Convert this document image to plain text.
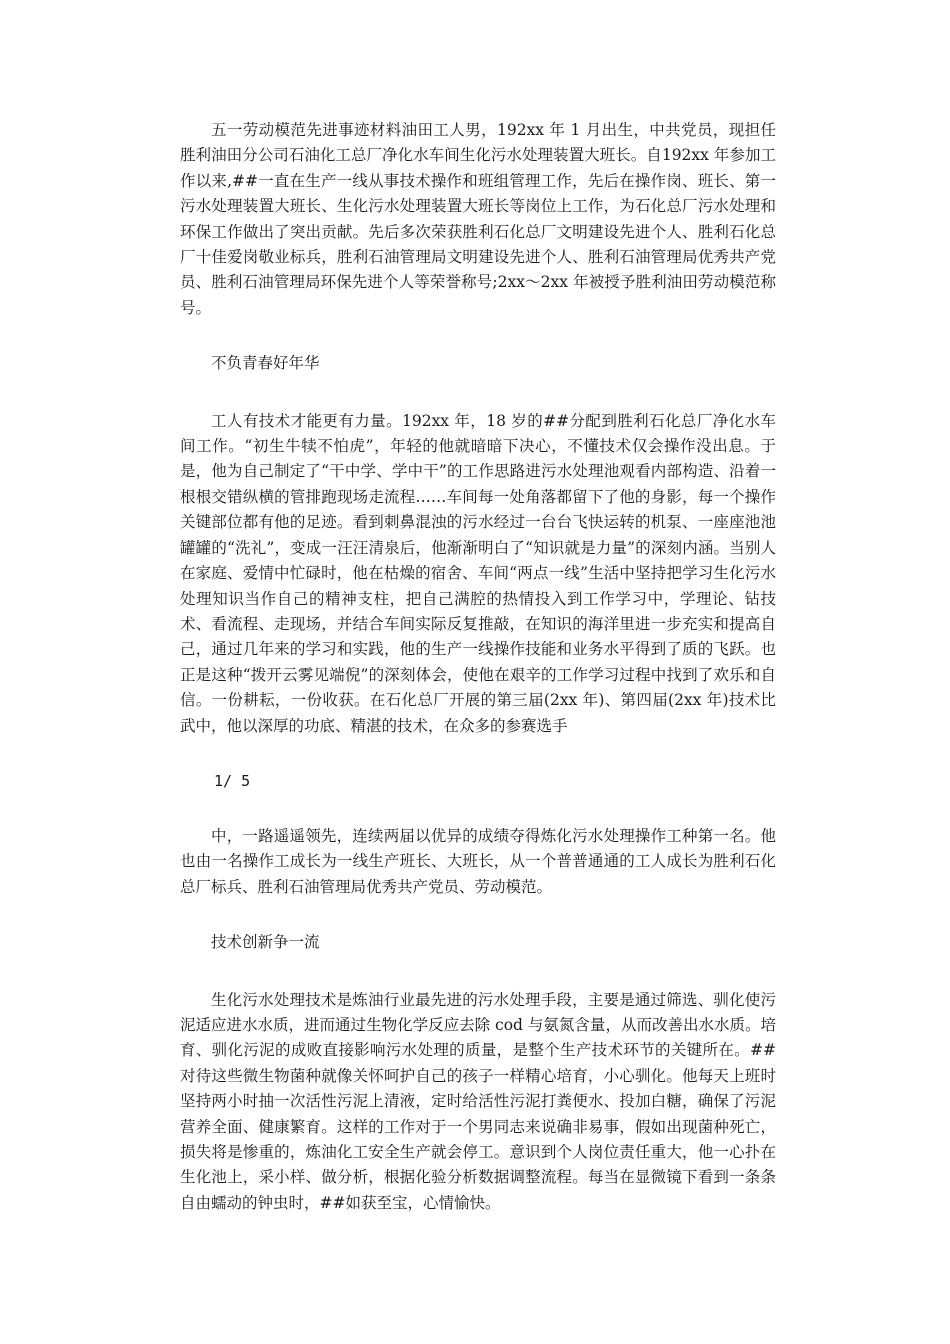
五一劳动模范先进事迹材料油田工人男，192xx 年 1 月出生，中共党员，现担任胜利油田分公司石油化工总厂净化水车间生化污水处理装置大班长。自192xx 年参加工作以来,##一直在生产一线从事技术操作和班组管理工作，先后在操作岗、班长、第一污水处理装置大班长、生化污水处理装置大班长等岗位上工作，为石化总厂污水处理和环保工作做出了突出贡献。先后多次荣获胜利石化总厂文明建设先进个人、胜利石化总厂十佳爱岗敬业标兵，胜利石油管理局文明建设先进个人、胜利石油管理局优秀共产党员、胜利石油管理局环保先进个人等荣誉称号;2xx～2xx 年被授予胜利油田劳动模范称号。

不负青春好年华

工人有技术才能更有力量。192xx 年，18 岁的##分配到胜利石化总厂净化水车间工作。“初生牛犊不怕虎”，年轻的他就暗暗下决心，不懂技术仅会操作没出息。于是，他为自己制定了“干中学、学中干”的工作思路进污水处理池观看内部构造、沿着一根根交错纵横的管排跑现场走流程……车间每一处角落都留下了他的身影，每一个操作关键部位都有他的足迹。看到刺鼻混浊的污水经过一台台飞快运转的机泵、一座座池池罐罐的“洗礼”，变成一汪汪清泉后，他渐渐明白了“知识就是力量”的深刻内涵。当别人在家庭、爱情中忙碌时，他在枯燥的宿舍、车间“两点一线”生活中坚持把学习生化污水处理知识当作自己的精神支柱，把自己满腔的热情投入到工作学习中，学理论、钻技术、看流程、走现场，并结合车间实际反复推敲，在知识的海洋里进一步充实和提高自己，通过几年来的学习和实践，他的生产一线操作技能和业务水平得到了质的飞跃。也正是这种“拨开云雾见端倪”的深刻体会，使他在艰辛的工作学习过程中找到了欢乐和自信。一份耕耘，一份收获。在石化总厂开展的第三届(2xx 年)、第四届(2xx 年)技术比武中，他以深厚的功底、精湛的技术，在众多的参赛选手

1/ 5

中，一路遥遥领先，连续两届以优异的成绩夺得炼化污水处理操作工种第一名。他也由一名操作工成长为一线生产班长、大班长，从一个普普通通的工人成长为胜利石化总厂标兵、胜利石油管理局优秀共产党员、劳动模范。

技术创新争一流

生化污水处理技术是炼油行业最先进的污水处理手段，主要是通过筛选、驯化使污泥适应进水水质，进而通过生物化学反应去除 cod 与氨氮含量，从而改善出水水质。培育、驯化污泥的成败直接影响污水处理的质量，是整个生产技术环节的关键所在。##对待这些微生物菌种就像关怀呵护自己的孩子一样精心培育，小心驯化。他每天上班时坚持两小时抽一次活性污泥上清液，定时给活性污泥打粪便水、投加白糖，确保了污泥营养全面、健康繁育。这样的工作对于一个男同志来说确非易事，假如出现菌种死亡，损失将是惨重的，炼油化工安全生产就会停工。意识到个人岗位责任重大，他一心扑在生化池上，采小样、做分析，根据化验分析数据调整流程。每当在显微镜下看到一条条自由蠕动的钟虫时，##如获至宝，心情愉快。
